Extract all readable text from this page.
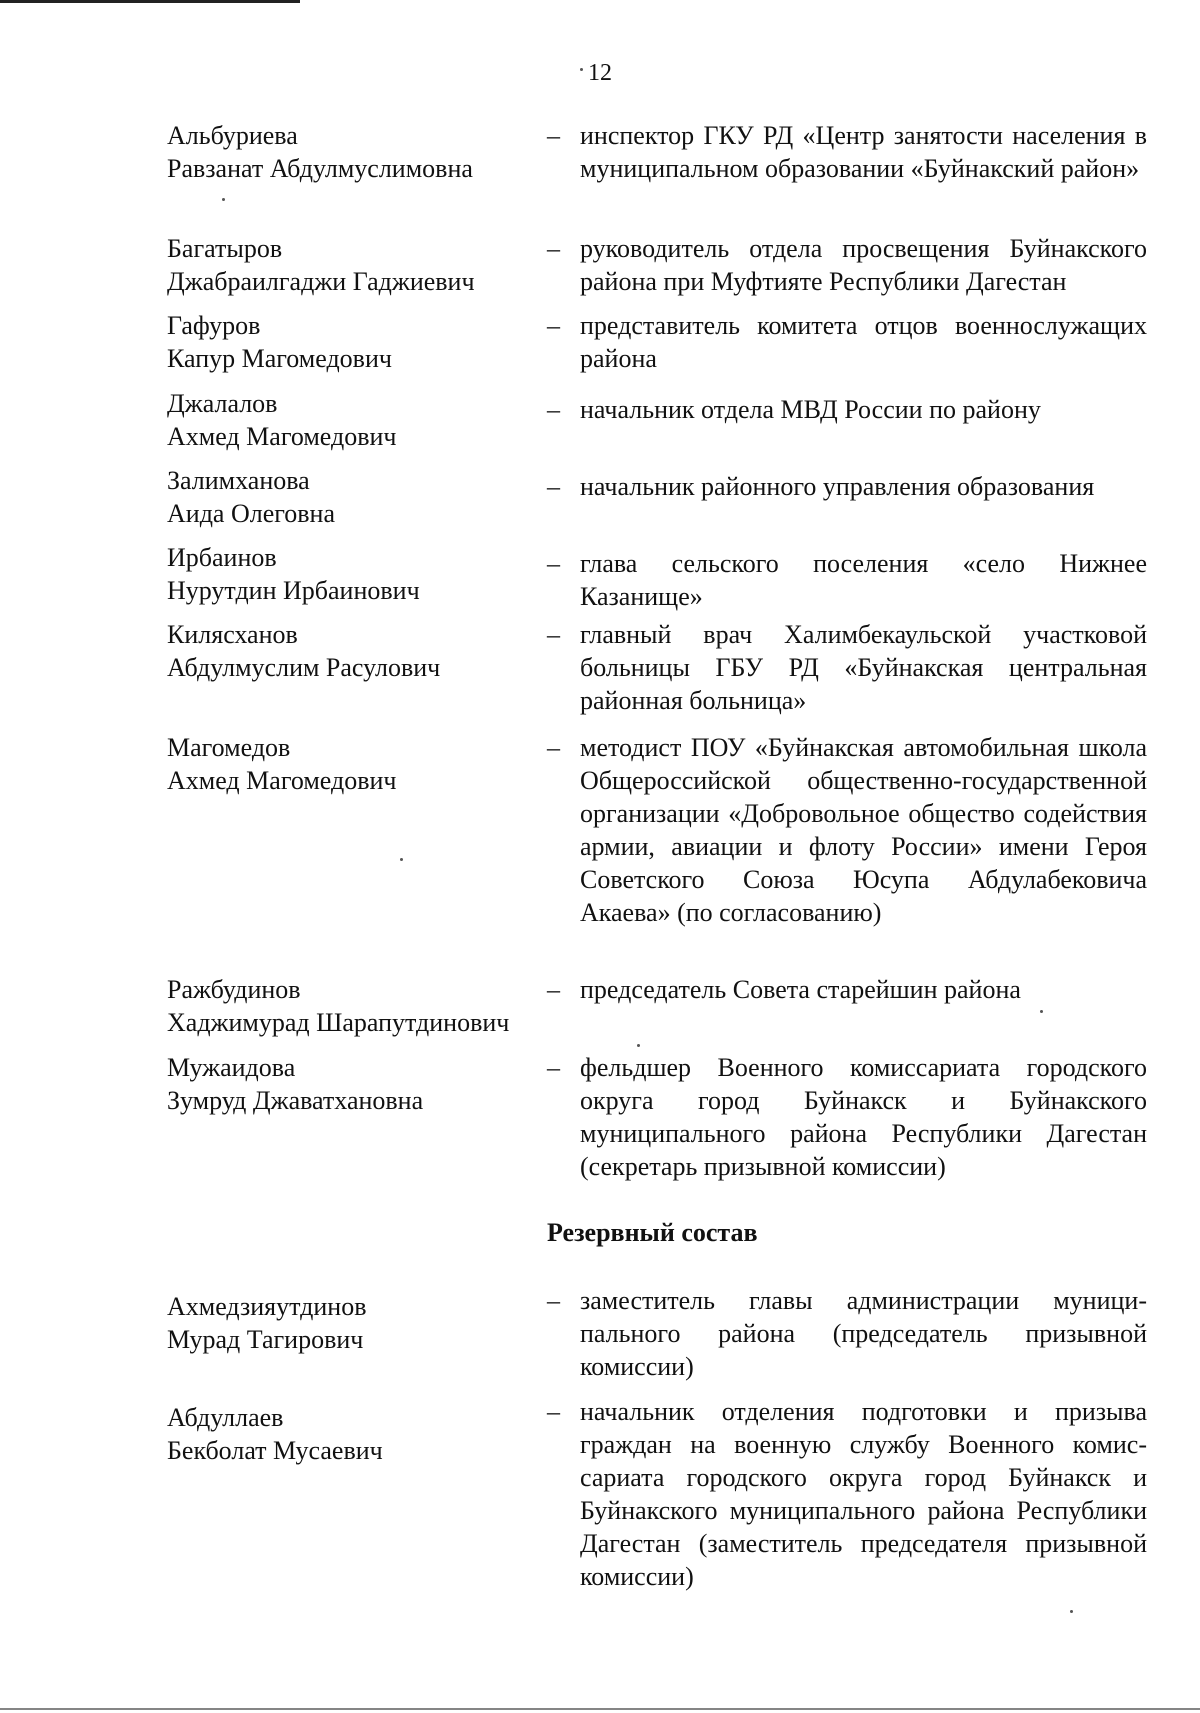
12
Альбуриева
Равзанат Абдулмуслимовна
– инспектор ГКУ РД «Центр занятости населения в муниципальном образовании «Буйнакский район»
Багатыров
Джабраилгаджи Гаджиевич
– руководитель отдела просвещения Буйнакского района при Муфтияте Республики Дагестан
Гафуров
Капур Магомедович
– представитель комитета отцов военнослужащих района
Джалалов
Ахмед Магомедович
– начальник отдела МВД России по району
Залимханова
Аида Олеговна
– начальник районного управления образования
Ирбаинов
Нурутдин Ирбаинович
– глава сельского поселения «село Нижнее Казанище»
Килясханов
Абдулмуслим Расулович
– главный врач Халимбекаульской участковой больницы ГБУ РД «Буйнакская центральная районная больница»
Магомедов
Ахмед Магомедович
– методист ПОУ «Буйнакская автомобильная школа Общероссийской общественно-государственной организации «Добровольное общество содействия армии, авиации и флоту России» имени Героя Советского Союза Юсупа Абдулабековича Акаева» (по согласованию)
Ражбудинов
Хаджимурад Шарапутдинович
– председатель Совета старейшин района
Мужаидова
Зумруд Джаватхановна
– фельдшер Военного комиссариата городского округа город Буйнакск и Буйнакского муниципального района Республики Дагестан (секретарь призывной комиссии)
Ахмедзияутдинов
Мурад Тагирович
– заместитель главы администрации муниципального района (председатель призывной комиссии)
Абдуллаев
Бекболат Мусаевич
– начальник отделения подготовки и призыва граждан на военную службу Военного комиссариата городского округа город Буйнакск и Буйнакского муниципального района Республики Дагестан (заместитель председателя призывной комиссии)
Резервный состав
